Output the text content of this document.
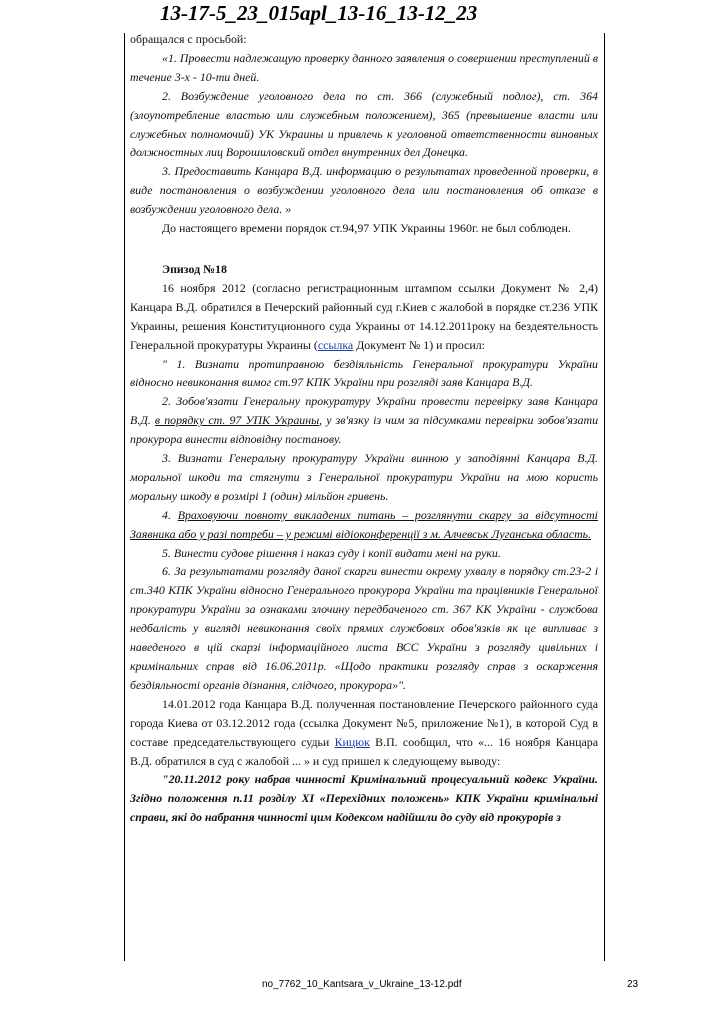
13-17-5_23_015apl_13-16_13-12_23

обращался с просьбой:

«1. Провести надлежащую проверку данного заявления о совершении преступлений в течение 3-х - 10-ти дней.

2. Возбуждение уголовного дела по ст. 366 (служебный подлог), ст. 364 (злоупотребление властью или служебным положением), 365 (превышение власти или служебных полномочий) УК Украины и привлечь к уголовной ответственности виновных должностных лиц Ворошиловский отдел внутренних дел Донецка.

3. Предоставить Канцара В.Д. информацию о результатах проведенной проверки, в виде постановления о возбуждении уголовного дела или постановления об отказе в возбуждении уголовного дела. »

До настоящего времени порядок ст.94,97 УПК Украины 1960г. не был соблюден.

Эпизод №18

16 ноября 2012 (согласно регистрационным штампом ссылки Документ № 2,4) Канцара В.Д. обратился в Печерский районный суд г.Киев с жалобой в порядке ст.236 УПК Украины, решения Конституционного суда Украины от 14.12.2011року на бездеятельность Генеральной прокуратуры Украины (ссылка Документ № 1) и просил:

" 1. Визнати протиправною бездіяльність Генеральної прокуратури України відносно невиконання вимог ст.97 КПК України при розгляді заяв Канцара В.Д.

2. Зобов'язати Генеральну прокуратуру України провести перевірку заяв Канцара В.Д. в порядку ст. 97 УПК Украины, у зв'язку із чим за підсумками перевірки зобов'язати прокурора винести відповідну постанову.

3. Визнати Генеральну прокуратуру України винною у заподіянні Канцара В.Д. моральної шкоди та стягнути з Генеральної прокуратури України на мою користь моральну шкоду в розмірі 1 (один) мільйон гривень.

4. Враховуючи повноту викладених питань – розглянути скаргу за відсутності Заявника або у разі потреби – у режимі відіоконференції з м. Алчевськ Луганська область.

5. Винести судове рішення і наказ суду і копії видати мені на руки.

6. За результатами розгляду даної скарги винести окрему ухвалу в порядку ст.23-2 і ст.340 КПК України відносно Генерального прокурора України та працівників Генеральної прокуратури України за ознаками злочину передбаченого ст. 367 КК України - службова недбалість у вигляді невиконання своїх прямих службових обов'язків як це випливає з наведеного в цій скарзі інформаційного листа ВСС України з розгляду цивільних і кримінальних справ від 16.06.2011р. «Щодо практики розгляду справ з оскарження бездіяльності органів дізнання, слідчого, прокурора»".

14.01.2012 года Канцара В.Д. полученная постановление Печерского районного суда города Киева от 03.12.2012 года (ссылка Документ №5, приложение №1), в которой Суд в составе председательствующего судьи Кицюк В.П. сообщил, что «... 16 ноября Канцара В.Д. обратился в суд с жалобой ... » и суд пришел к следующему выводу:

"20.11.2012 року набрав чинності Кримінальний процесуальний кодекс України. Згідно положення п.11 розділу XI «Перехідних положень» КПК України кримінальні справи, які до набрання чинності цим Кодексом надійшли до суду від прокурорів з

no_7762_10_Kantsara_v_Ukraine_13-12.pdf	23
